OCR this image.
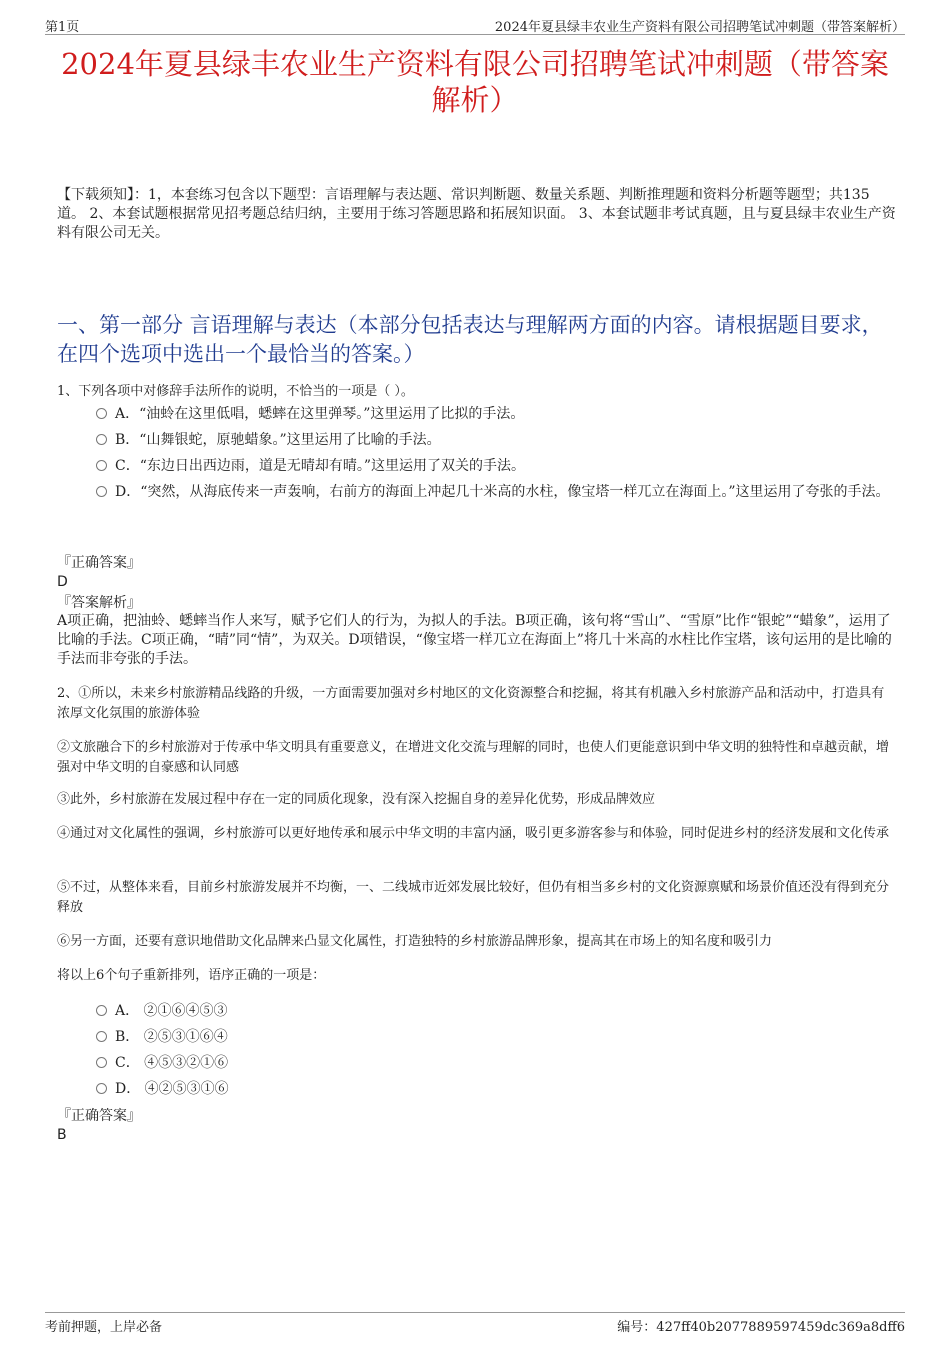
第1页	2024年夏县绿丰农业生产资料有限公司招聘笔试冲刺题（带答案解析）
2024年夏县绿丰农业生产资料有限公司招聘笔试冲刺题（带答案解析）
【下载须知】：1，本套练习包含以下题型：言语理解与表达题、常识判断题、数量关系题、判断推理题和资料分析题等题型；共135道。 2、本套试题根据常见招考题总结归纳，主要用于练习答题思路和拓展知识面。 3、本套试题非考试真题，且与夏县绿丰农业生产资料有限公司无关。
一、第一部分 言语理解与表达（本部分包括表达与理解两方面的内容。请根据题目要求，在四个选项中选出一个最恰当的答案。）
1、下列各项中对修辞手法所作的说明，不恰当的一项是（ ）。
A．“油蛉在这里低唱，蟋蟀在这里弹琴。”这里运用了比拟的手法。
B．“山舞银蛇，原驰蜡象。”这里运用了比喻的手法。
C．“东边日出西边雨，道是无晴却有晴。”这里运用了双关的手法。
D．“突然，从海底传来一声轰响，右前方的海面上冲起几十米高的水柱，像宝塔一样兀立在海面上。”这里运用了夸张的手法。
『正确答案』
D
『答案解析』
A项正确，把油蛉、蟋蟀当作人来写，赋予它们人的行为，为拟人的手法。B项正确，该句将“雪山”、“雪原”比作“银蛇”“蜡象”，运用了比喻的手法。C项正确，“晴”同“情”，为双关。D项错误，“像宝塔一样兀立在海面上”将几十米高的水柱比作宝塔，该句运用的是比喻的手法而非夸张的手法。
2、①所以，未来乡村旅游精品线路的升级，一方面需要加强对乡村地区的文化资源整合和挖掘，将其有机融入乡村旅游产品和活动中，打造具有浓厚文化氛围的旅游体验
②文旅融合下的乡村旅游对于传承中华文明具有重要意义，在增进文化交流与理解的同时，也使人们更能意识到中华文明的独特性和卓越贡献，增强对中华文明的自豪感和认同感
③此外，乡村旅游在发展过程中存在一定的同质化现象，没有深入挖掘自身的差异化优势，形成品牌效应
④通过对文化属性的强调，乡村旅游可以更好地传承和展示中华文明的丰富内涵，吸引更多游客参与和体验，同时促进乡村的经济发展和文化传承
⑤不过，从整体来看，目前乡村旅游发展并不均衡，一、二线城市近郊发展比较好，但仍有相当多乡村的文化资源禀赋和场景价值还没有得到充分释放
⑥另一方面，还要有意识地借助文化品牌来凸显文化属性，打造独特的乡村旅游品牌形象，提高其在市场上的知名度和吸引力
将以上6个句子重新排列，语序正确的一项是：
A． ②①⑥④⑤③
B． ②⑤③①⑥④
C． ④⑤③②①⑥
D． ④②⑤③①⑥
『正确答案』
B
考前押题，上岸必备	编号：427ff40b2077889597459dc369a8dff6
